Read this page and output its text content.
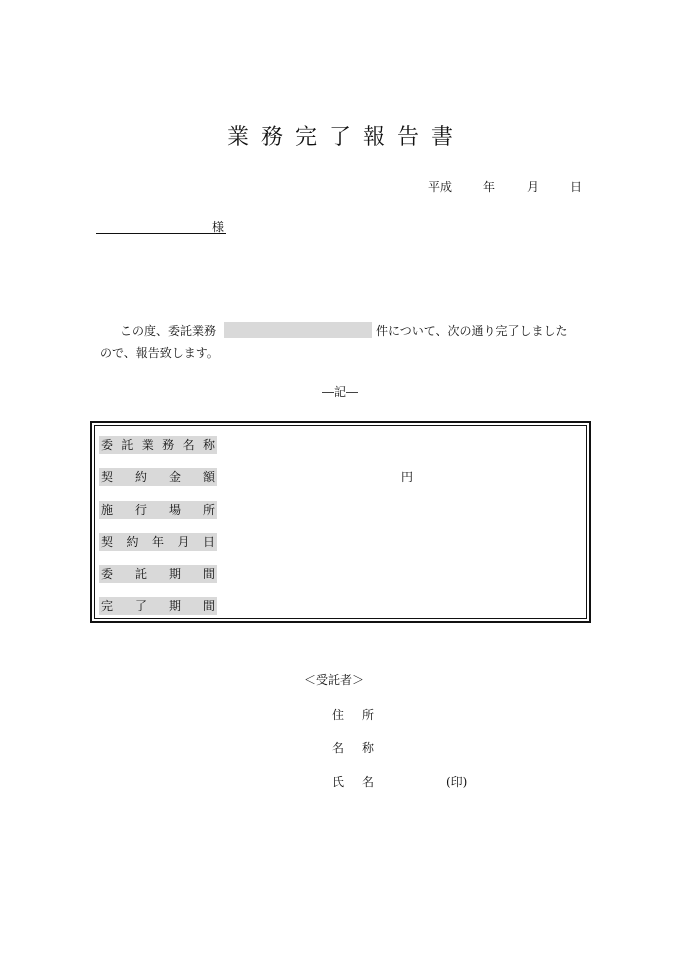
業務完了報告書
平成	年	月	日
様
この度、委託業務	件について、次の通り完了しました
ので、報告致します。
―記―
委 託 業 務 名 称
契 約 金 額	円
施 行 場 所
契 約 年 月 日
委 託 期 間
完 了 期 間
＜受託者＞
住 所
名 称
氏 名	(印)
